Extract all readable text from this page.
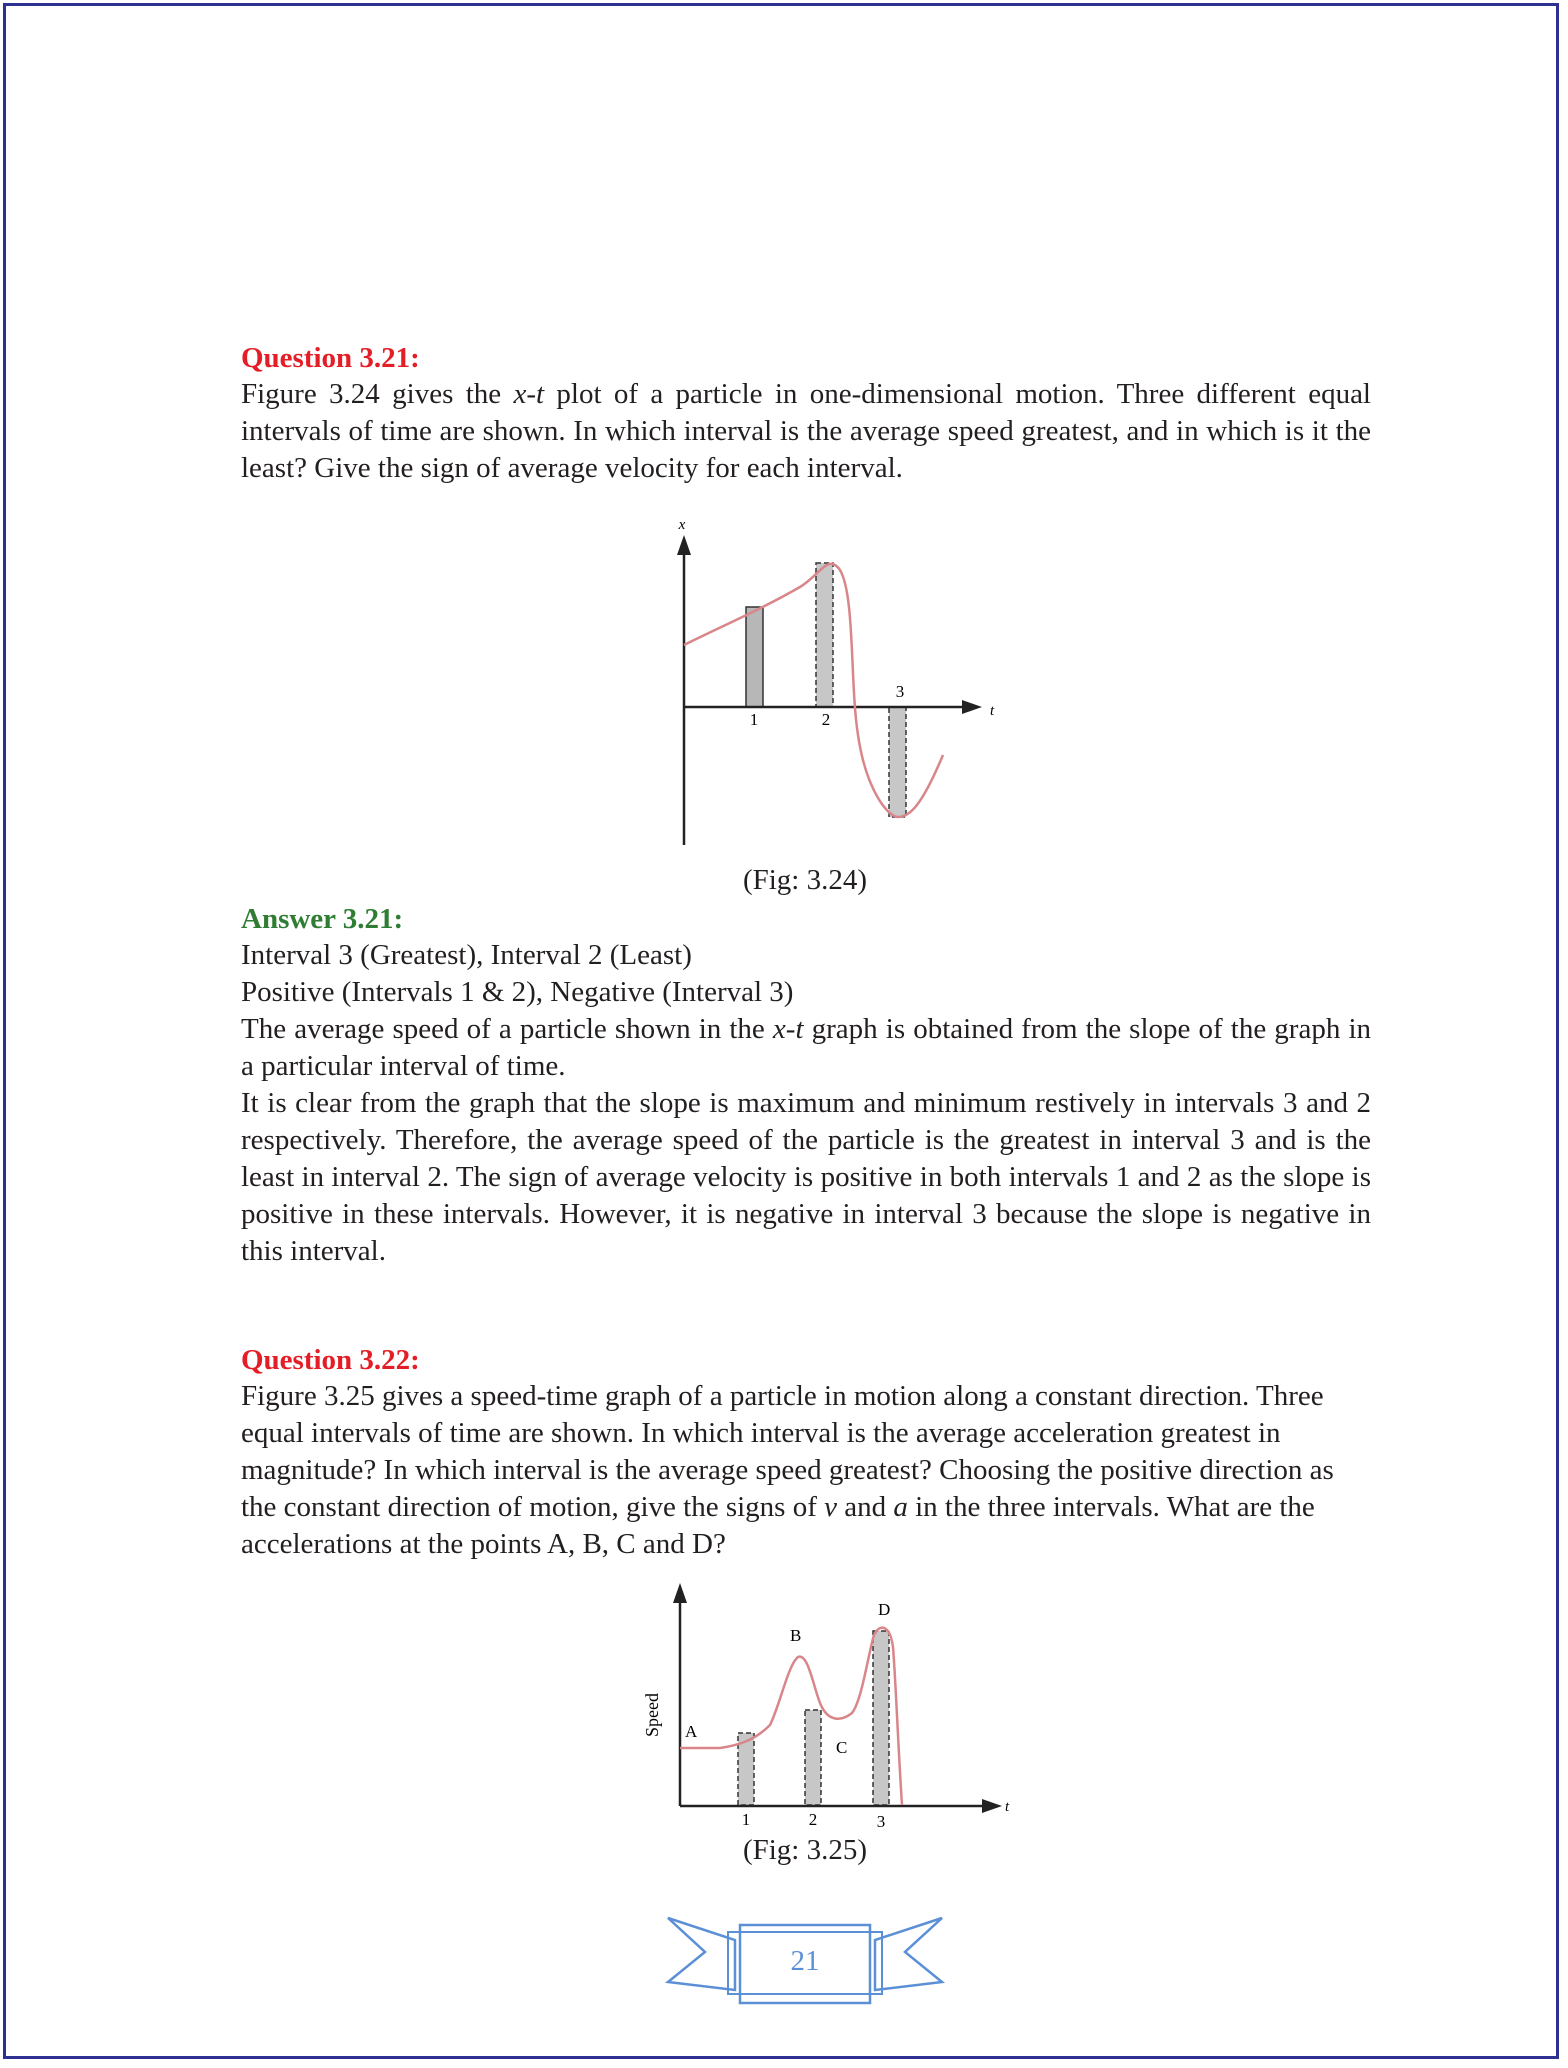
Question 3.21:

Figure 3.24 gives the x-t plot of a particle in one-dimensional motion. Three different equal intervals of time are shown. In which interval is the average speed greatest, and in which is it the least? Give the sign of average velocity for each interval.

x
t
1	2
3
(Fig: 3.24)

Answer 3.21:

Interval 3 (Greatest), Interval 2 (Least)

Positive (Intervals 1 & 2), Negative (Interval 3)

The average speed of a particle shown in the x-t graph is obtained from the slope of the graph in a particular interval of time.

It is clear from the graph that the slope is maximum and minimum restively in intervals 3 and 2 respectively. Therefore, the average speed of the particle is the greatest in interval 3 and is the least in interval 2. The sign of average velocity is positive in both intervals 1 and 2 as the slope is positive in these intervals. However, it is negative in interval 3 because the slope is negative in this interval.

Question 3.22:

Figure 3.25 gives a speed-time graph of a particle in motion along a constant direction. Three equal intervals of time are shown. In which interval is the average acceleration greatest in magnitude? In which interval is the average speed greatest? Choosing the positive direction as the constant direction of motion, give the signs of v and a in the three intervals. What are the accelerations at the points A, B, C and D?

Speed
t
A
B
C
D
1	2	3
(Fig: 3.25)
21
